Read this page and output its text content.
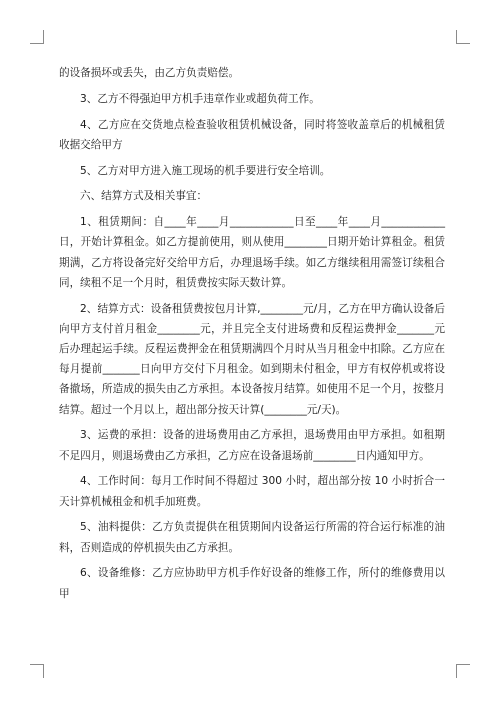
的设备损坏或丢失，由乙方负责赔偿。

3、乙方不得强迫甲方机手违章作业或超负荷工作。

4、乙方应在交货地点检查验收租赁机械设备，同时将签收盖章后的机械租赁收据交给甲方

5、乙方对甲方进入施工现场的机手要进行安全培训。

六、结算方式及相关事宜：

1、租赁期间：自____年____月____________日至____年____月____________日，开始计算租金。如乙方提前使用，则从使用________日期开始计算租金。租赁期满，乙方将设备完好交给甲方后，办理退场手续。如乙方继续租用需签订续租合同，续租不足一个月时，租赁费按实际天数计算。

2、结算方式：设备租赁费按包月计算,________元/月，乙方在甲方确认设备后向甲方支付首月租金________元，并且完全支付进场费和反程运费押金_______元后办理起运手续。反程运费押金在租赁期满四个月时从当月租金中扣除。乙方应在每月提前_______日向甲方交付下月租金。如到期未付租金，甲方有权停机或将设备撤场，所造成的损失由乙方承担。本设备按月结算。如使用不足一个月，按整月结算。超过一个月以上，超出部分按天计算(________元/天)。

3、运费的承担：设备的进场费用由乙方承担，退场费用由甲方承担。如租期不足四月，则退场费由乙方承担，乙方应在设备退场前________日内通知甲方。

4、工作时间：每月工作时间不得超过 300 小时，超出部分按 10 小时折合一天计算机械租金和机手加班费。

5、油料提供：乙方负责提供在租赁期间内设备运行所需的符合运行标准的油料，否则造成的停机损失由乙方承担。

6、设备维修：乙方应协助甲方机手作好设备的维修工作，所付的维修费用以甲
